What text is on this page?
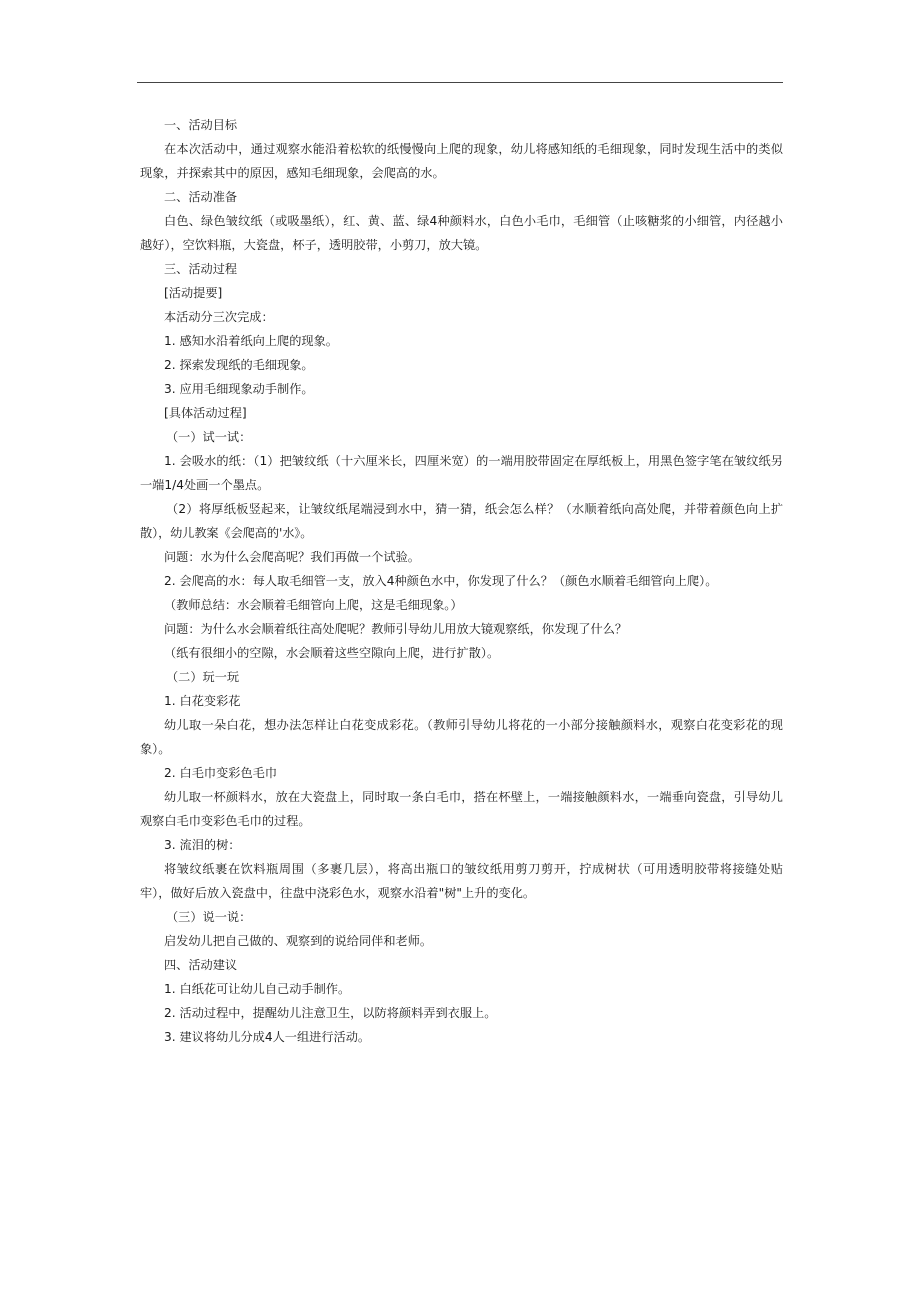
一、活动目标

在本次活动中，通过观察水能沿着松软的纸慢慢向上爬的现象，幼儿将感知纸的毛细现象，同时发现生活中的类似现象，并探索其中的原因，感知毛细现象，会爬高的水。

二、活动准备

白色、绿色皱纹纸（或吸墨纸），红、黄、蓝、绿4种颜料水，白色小毛巾，毛细管（止咳糖浆的小细管，内径越小越好），空饮料瓶，大瓷盘，杯子，透明胶带，小剪刀，放大镜。

三、活动过程

[活动提要]

本活动分三次完成：

1. 感知水沿着纸向上爬的现象。

2. 探索发现纸的毛细现象。

3. 应用毛细现象动手制作。

[具体活动过程]

（一）试一试：

1. 会吸水的纸：（1）把皱纹纸（十六厘米长，四厘米宽）的一端用胶带固定在厚纸板上，用黑色签字笔在皱纹纸另一端1/4处画一个墨点。

（2）将厚纸板竖起来，让皱纹纸尾端浸到水中，猜一猜，纸会怎么样？（水顺着纸向高处爬，并带着颜色向上扩散），幼儿教案《会爬高的'水》。

问题：水为什么会爬高呢？我们再做一个试验。

2. 会爬高的水：每人取毛细管一支，放入4种颜色水中，你发现了什么？（颜色水顺着毛细管向上爬）。

（教师总结：水会顺着毛细管向上爬，这是毛细现象。）

问题：为什么水会顺着纸往高处爬呢？教师引导幼儿用放大镜观察纸，你发现了什么？

（纸有很细小的空隙，水会顺着这些空隙向上爬，进行扩散）。

（二）玩一玩

1. 白花变彩花

幼儿取一朵白花，想办法怎样让白花变成彩花。（教师引导幼儿将花的一小部分接触颜料水，观察白花变彩花的现象）。

2. 白毛巾变彩色毛巾

幼儿取一杯颜料水，放在大瓷盘上，同时取一条白毛巾，搭在杯壁上，一端接触颜料水，一端垂向瓷盘，引导幼儿观察白毛巾变彩色毛巾的过程。

3. 流泪的树：

将皱纹纸裹在饮料瓶周围（多裹几层），将高出瓶口的皱纹纸用剪刀剪开，拧成树状（可用透明胶带将接缝处贴牢），做好后放入瓷盘中，往盘中浇彩色水，观察水沿着"树"上升的变化。

（三）说一说：

启发幼儿把自己做的、观察到的说给同伴和老师。

四、活动建议

1. 白纸花可让幼儿自己动手制作。

2. 活动过程中，提醒幼儿注意卫生，以防将颜料弄到衣服上。

3. 建议将幼儿分成4人一组进行活动。
